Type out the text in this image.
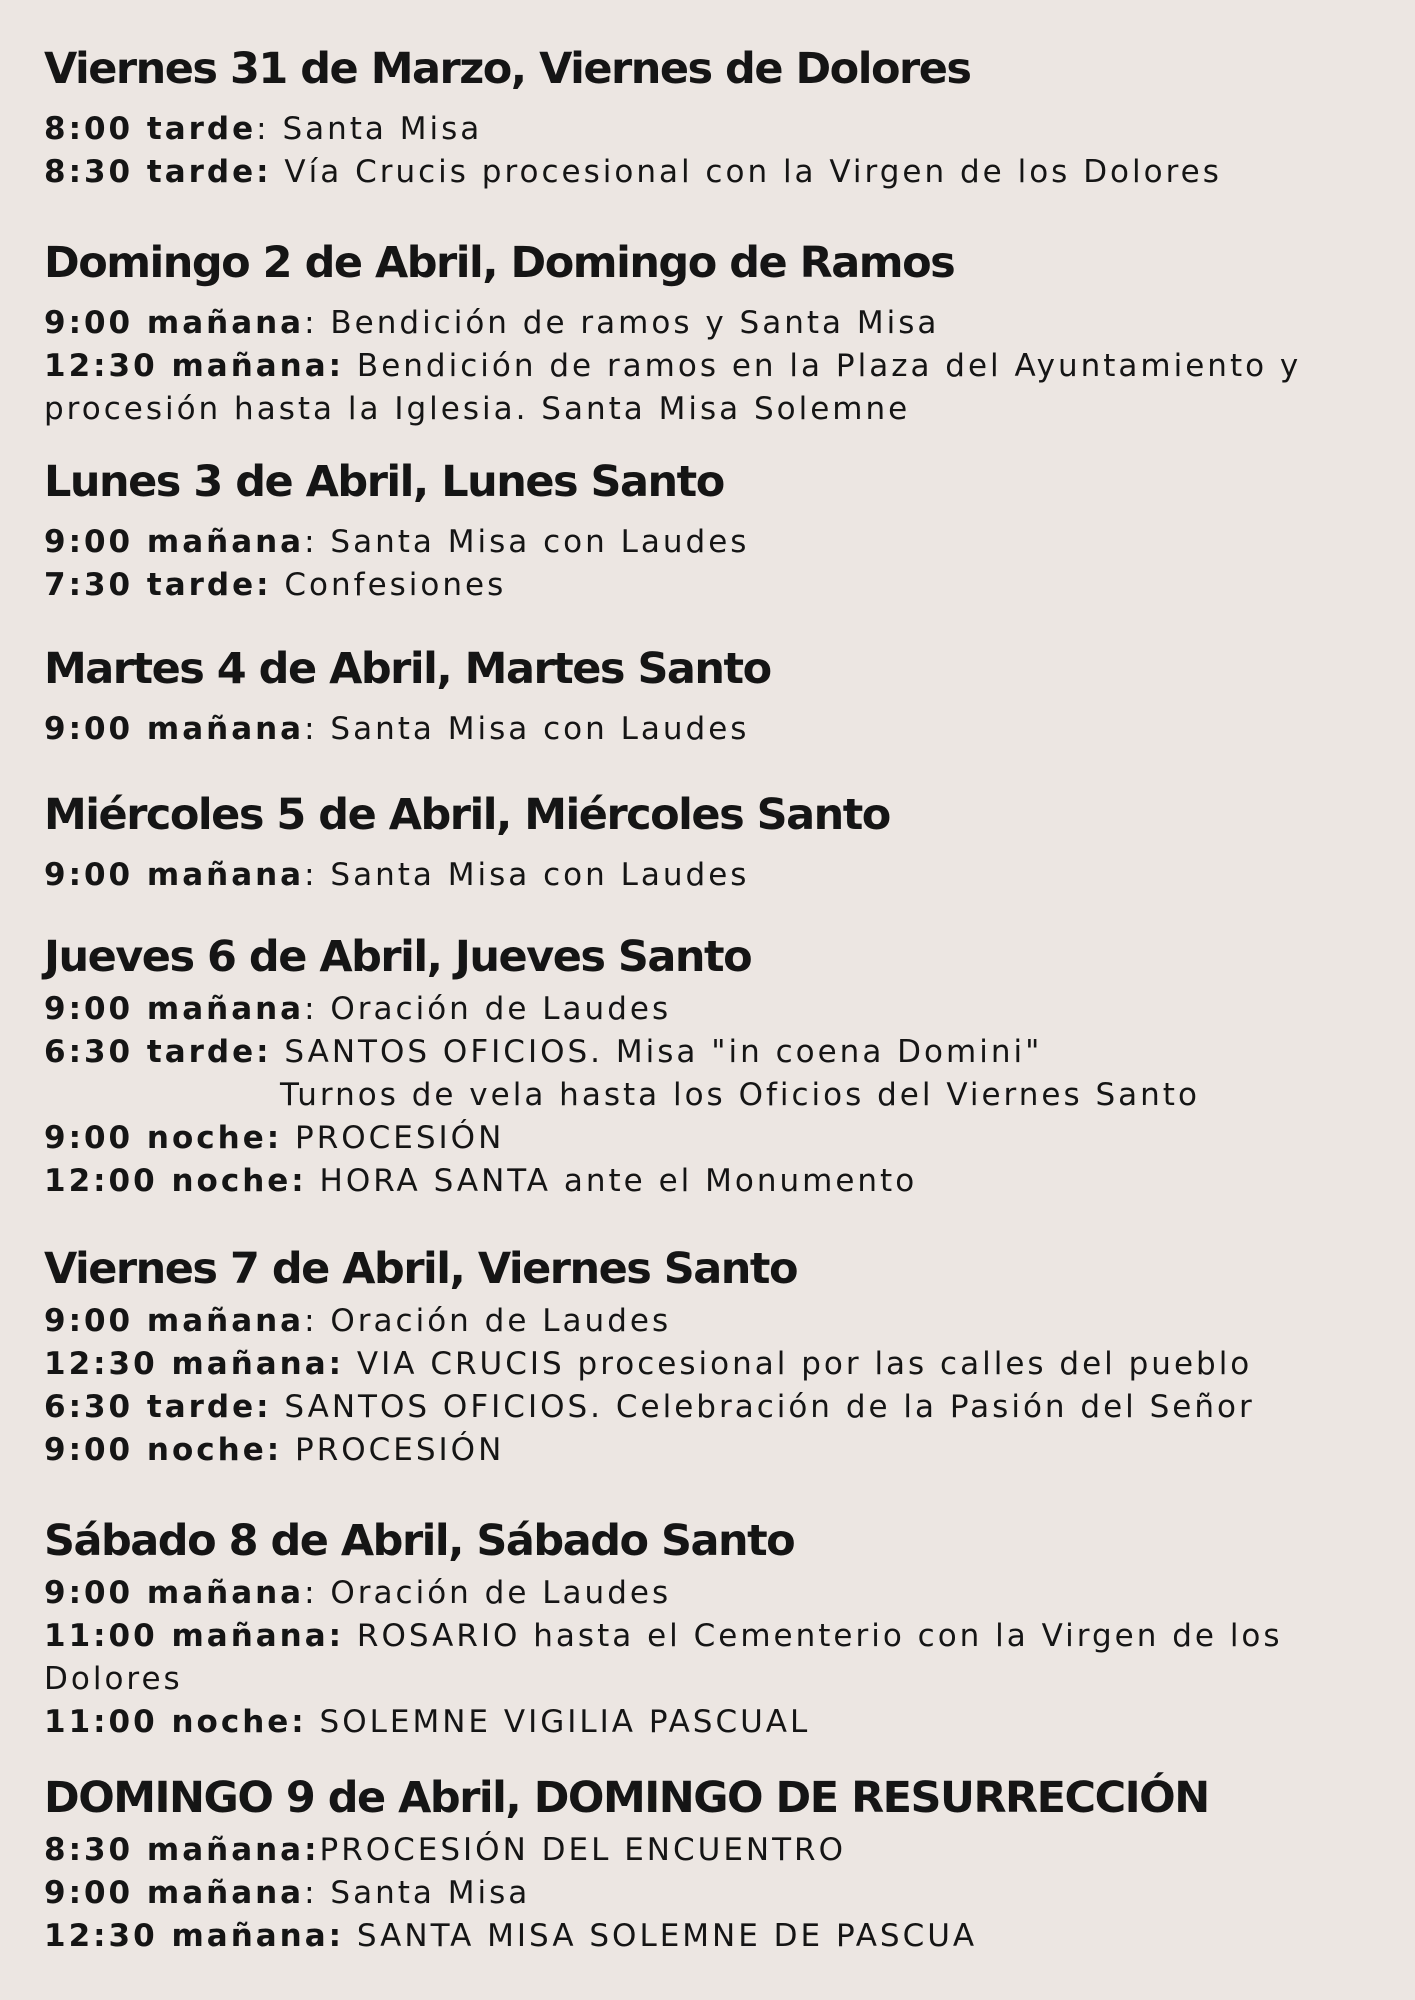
Viernes 31 de Marzo, Viernes de Dolores
8:00 tarde: Santa Misa
8:30 tarde: Vía Crucis procesional con la Virgen de los Dolores
Domingo 2 de Abril, Domingo de Ramos
9:00 mañana: Bendición de ramos y Santa Misa
12:30 mañana: Bendición de ramos en la Plaza del Ayuntamiento y procesión hasta la Iglesia. Santa Misa Solemne
Lunes 3 de Abril, Lunes Santo
9:00 mañana: Santa Misa con Laudes
7:30 tarde: Confesiones
Martes 4 de Abril, Martes Santo
9:00 mañana: Santa Misa con Laudes
Miércoles 5 de Abril, Miércoles Santo
9:00 mañana: Santa Misa con Laudes
Jueves 6 de Abril, Jueves Santo
9:00 mañana: Oración de Laudes
6:30 tarde: SANTOS OFICIOS. Misa "in coena Domini"
Turnos de vela hasta los Oficios del Viernes Santo
9:00 noche: PROCESIÓN
12:00 noche: HORA SANTA ante el Monumento
Viernes 7 de Abril, Viernes Santo
9:00 mañana: Oración de Laudes
12:30 mañana: VIA CRUCIS procesional por las calles del pueblo
6:30 tarde: SANTOS OFICIOS. Celebración de la Pasión del Señor
9:00 noche: PROCESIÓN
Sábado 8 de Abril, Sábado Santo
9:00 mañana: Oración de Laudes
11:00 mañana: ROSARIO hasta el Cementerio con la Virgen de los Dolores
11:00 noche: SOLEMNE VIGILIA PASCUAL
DOMINGO 9 de Abril, DOMINGO DE RESURRECCIÓN
8:30 mañana:PROCESIÓN DEL ENCUENTRO
9:00 mañana: Santa Misa
12:30 mañana: SANTA MISA SOLEMNE DE PASCUA
